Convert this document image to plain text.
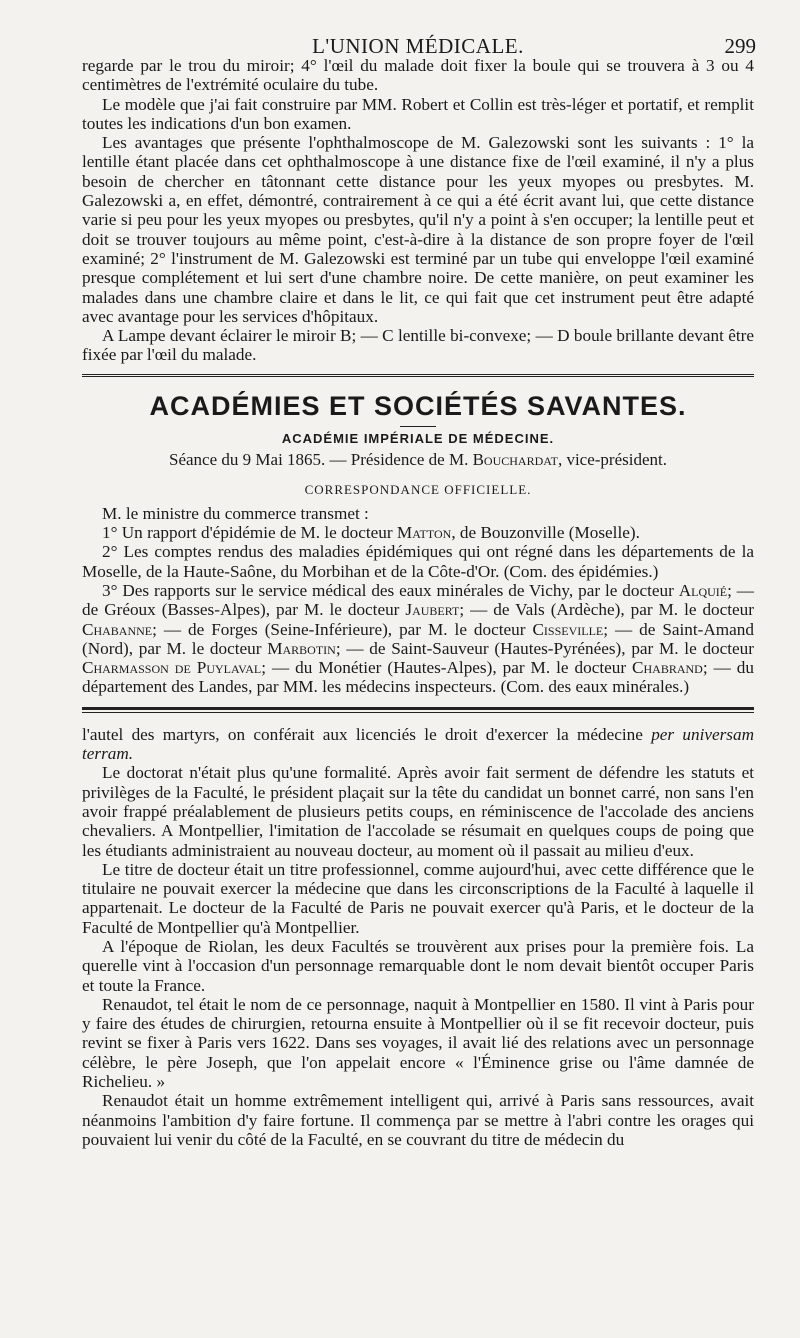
L'UNION MÉDICALE.	299

regarde par le trou du miroir; 4° l'œil du malade doit fixer la boule qui se trouvera à 3 ou 4 centimètres de l'extrémité oculaire du tube.

Le modèle que j'ai fait construire par MM. Robert et Collin est très-léger et portatif, et remplit toutes les indications d'un bon examen.

Les avantages que présente l'ophthalmoscope de M. Galezowski sont les suivants : 1° la lentille étant placée dans cet ophthalmoscope à une distance fixe de l'œil examiné, il n'y a plus besoin de chercher en tâtonnant cette distance pour les yeux myopes ou presbytes. M. Galezowski a, en effet, démontré, contrairement à ce qui a été écrit avant lui, que cette distance varie si peu pour les yeux myopes ou presbytes, qu'il n'y a point à s'en occuper; la lentille peut et doit se trouver toujours au même point, c'est-à-dire à la distance de son propre foyer de l'œil examiné; 2° l'instrument de M. Galezowski est terminé par un tube qui enveloppe l'œil examiné presque complétement et lui sert d'une chambre noire. De cette manière, on peut examiner les malades dans une chambre claire et dans le lit, ce qui fait que cet instrument peut être adapté avec avantage pour les services d'hôpitaux.

A Lampe devant éclairer le miroir B; — C lentille bi-convexe; — D boule brillante devant être fixée par l'œil du malade.

ACADÉMIES ET SOCIÉTÉS SAVANTES.
ACADÉMIE IMPÉRIALE DE MÉDECINE.
Séance du 9 Mai 1865. — Présidence de M. Bouchardat, vice-président.
CORRESPONDANCE OFFICIELLE.

M. le ministre du commerce transmet :

1° Un rapport d'épidémie de M. le docteur Matton, de Bouzonville (Moselle).

2° Les comptes rendus des maladies épidémiques qui ont régné dans les départements de la Moselle, de la Haute-Saône, du Morbihan et de la Côte-d'Or. (Com. des épidémies.)

3° Des rapports sur le service médical des eaux minérales de Vichy, par le docteur Alquié; — de Gréoux (Basses-Alpes), par M. le docteur Jaubert; — de Vals (Ardèche), par M. le docteur Chabanne; — de Forges (Seine-Inférieure), par M. le docteur Cisseville; — de Saint-Amand (Nord), par M. le docteur Marbotin; — de Saint-Sauveur (Hautes-Pyrénées), par M. le docteur Charmasson de Puylaval; — du Monétier (Hautes-Alpes), par M. le docteur Chabrand; — du département des Landes, par MM. les médecins inspecteurs. (Com. des eaux minérales.)

l'autel des martyrs, on conférait aux licenciés le droit d'exercer la médecine per universam terram.

Le doctorat n'était plus qu'une formalité. Après avoir fait serment de défendre les statuts et privilèges de la Faculté, le président plaçait sur la tête du candidat un bonnet carré, non sans l'en avoir frappé préalablement de plusieurs petits coups, en réminiscence de l'accolade des anciens chevaliers. A Montpellier, l'imitation de l'accolade se résumait en quelques coups de poing que les étudiants administraient au nouveau docteur, au moment où il passait au milieu d'eux.

Le titre de docteur était un titre professionnel, comme aujourd'hui, avec cette différence que le titulaire ne pouvait exercer la médecine que dans les circonscriptions de la Faculté à laquelle il appartenait. Le docteur de la Faculté de Paris ne pouvait exercer qu'à Paris, et le docteur de la Faculté de Montpellier qu'à Montpellier.

A l'époque de Riolan, les deux Facultés se trouvèrent aux prises pour la première fois. La querelle vint à l'occasion d'un personnage remarquable dont le nom devait bientôt occuper Paris et toute la France.

Renaudot, tel était le nom de ce personnage, naquit à Montpellier en 1580. Il vint à Paris pour y faire des études de chirurgien, retourna ensuite à Montpellier où il se fit recevoir docteur, puis revint se fixer à Paris vers 1622. Dans ses voyages, il avait lié des relations avec un personnage célèbre, le père Joseph, que l'on appelait encore « l'Éminence grise ou l'âme damnée de Richelieu. »

Renaudot était un homme extrêmement intelligent qui, arrivé à Paris sans ressources, avait néanmoins l'ambition d'y faire fortune. Il commença par se mettre à l'abri contre les orages qui pouvaient lui venir du côté de la Faculté, en se couvrant du titre de médecin du
